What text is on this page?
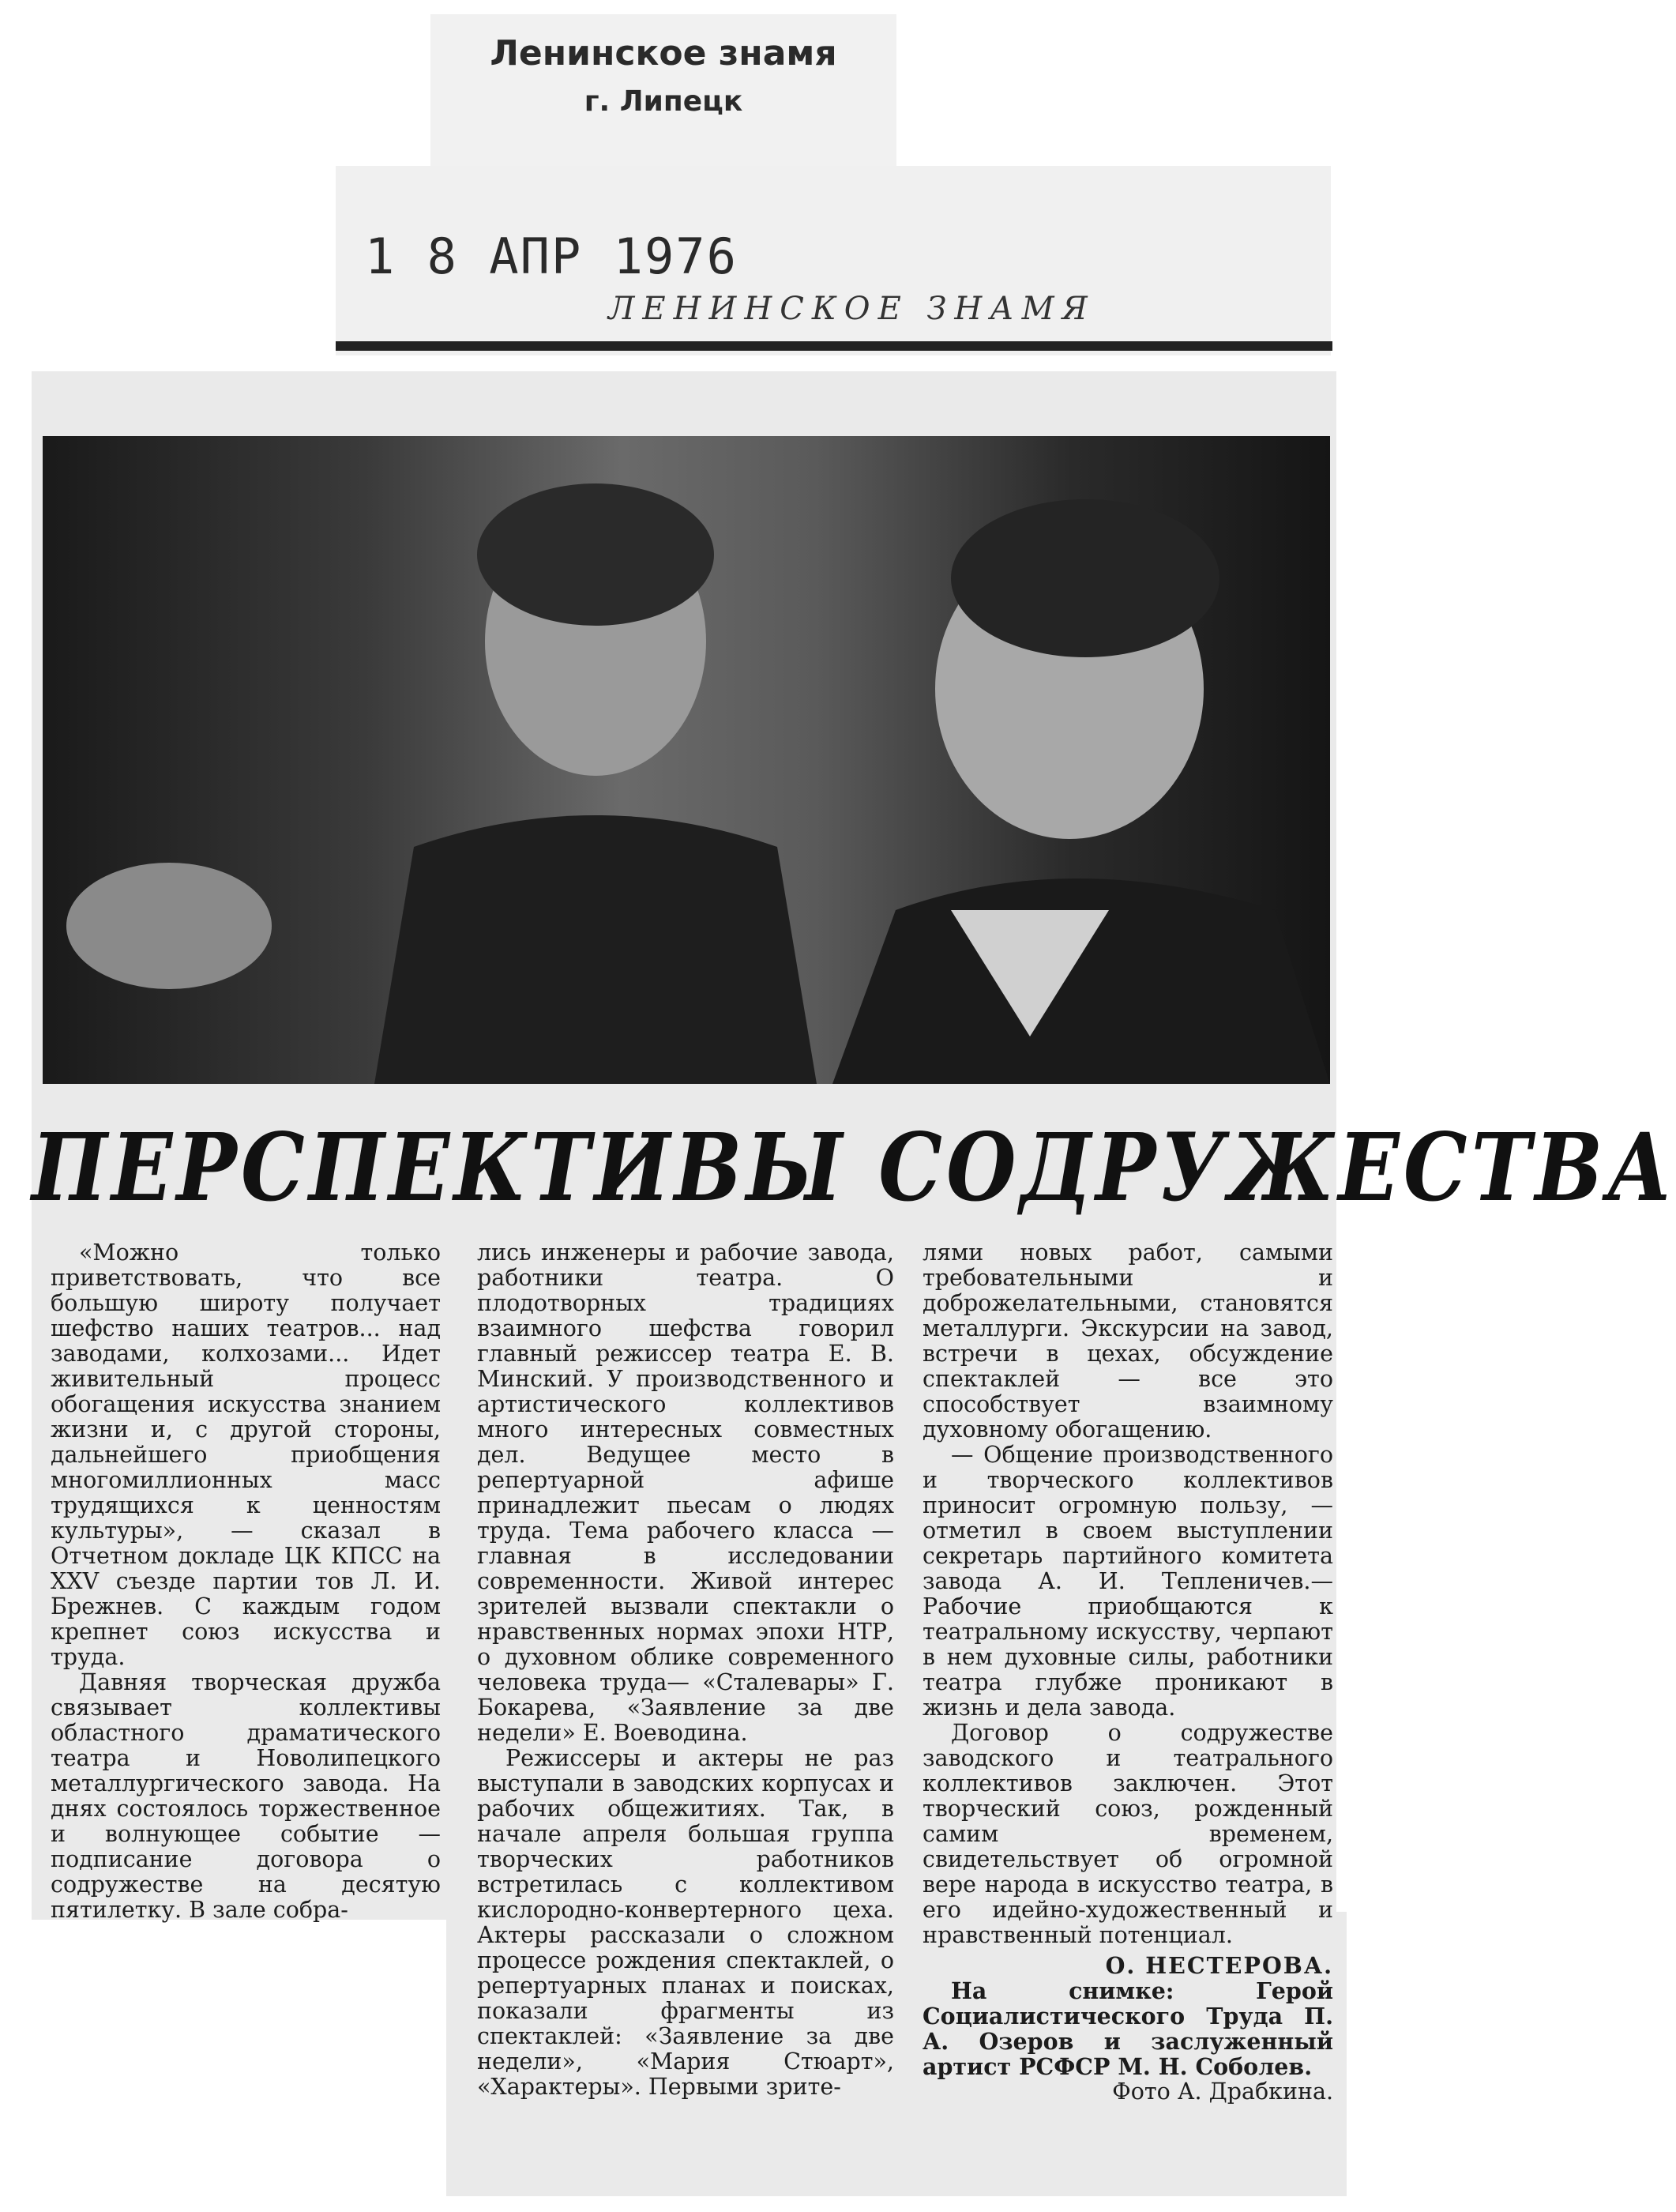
Ленинское знамя
г. Липецк
1 8 АПР 1976
ЛЕНИНСКОЕ ЗНАМЯ
ПЕРСПЕКТИВЫ СОДРУЖЕСТВА

«Можно только приветствовать, что все большую широту получает шефство наших театров... над заводами, колхозами... Идет живительный процесс обогащения искусства знанием жизни и, с другой стороны, дальнейшего приобщения многомиллионных масс трудящихся к ценностям культуры», — сказал в Отчетном докладе ЦК КПСС на XXV съезде партии тов Л. И. Брежнев. С каждым годом крепнет союз искусства и труда.

Давняя творческая дружба связывает коллективы областного драматического театра и Новолипецкого металлургического завода. На днях состоялось торжественное и волнующее событие — подписание договора о содружестве на десятую пятилетку. В зале собра-

лись инженеры и рабочие завода, работники театра. О плодотворных традициях взаимного шефства говорил главный режиссер театра Е. В. Минский. У производственного и артистического коллективов много интересных совместных дел. Ведущее место в репертуарной афише принадлежит пьесам о людях труда. Тема рабочего класса — главная в исследовании современности. Живой интерес зрителей вызвали спектакли о нравственных нормах эпохи НТР, о духовном облике современного человека труда— «Сталевары» Г. Бокарева, «Заявление за две недели» Е. Воеводина.

Режиссеры и актеры не раз выступали в заводских корпусах и рабочих общежитиях. Так, в начале апреля большая группа творческих работников встретилась с коллективом кислородно-конвертерного цеха. Актеры рассказали о сложном процессе рождения спектаклей, о репертуарных планах и поисках, показали фрагменты из спектаклей: «Заявление за две недели», «Мария Стюарт», «Характеры». Первыми зрите-

лями новых работ, самыми требовательными и доброжелательными, становятся металлурги. Экскурсии на завод, встречи в цехах, обсуждение спектаклей — все это способствует взаимному духовному обогащению.

— Общение производственного и творческого коллективов приносит огромную пользу, — отметил в своем выступлении секретарь партийного комитета завода А. И. Тепленичев.— Рабочие приобщаются к театральному искусству, черпают в нем духовные силы, работники театра глубже проникают в жизнь и дела завода.

Договор о содружестве заводского и театрального коллективов заключен. Этот творческий союз, рожденный самим временем, свидетельствует об огромной вере народа в искусство театра, в его идейно-художественный и нравственный потенциал.

О. НЕСТЕРОВА.

На снимке: Герой Социалистического Труда П. А. Озеров и заслуженный артист РСФСР М. Н. Соболев.

Фото А. Драбкина.
